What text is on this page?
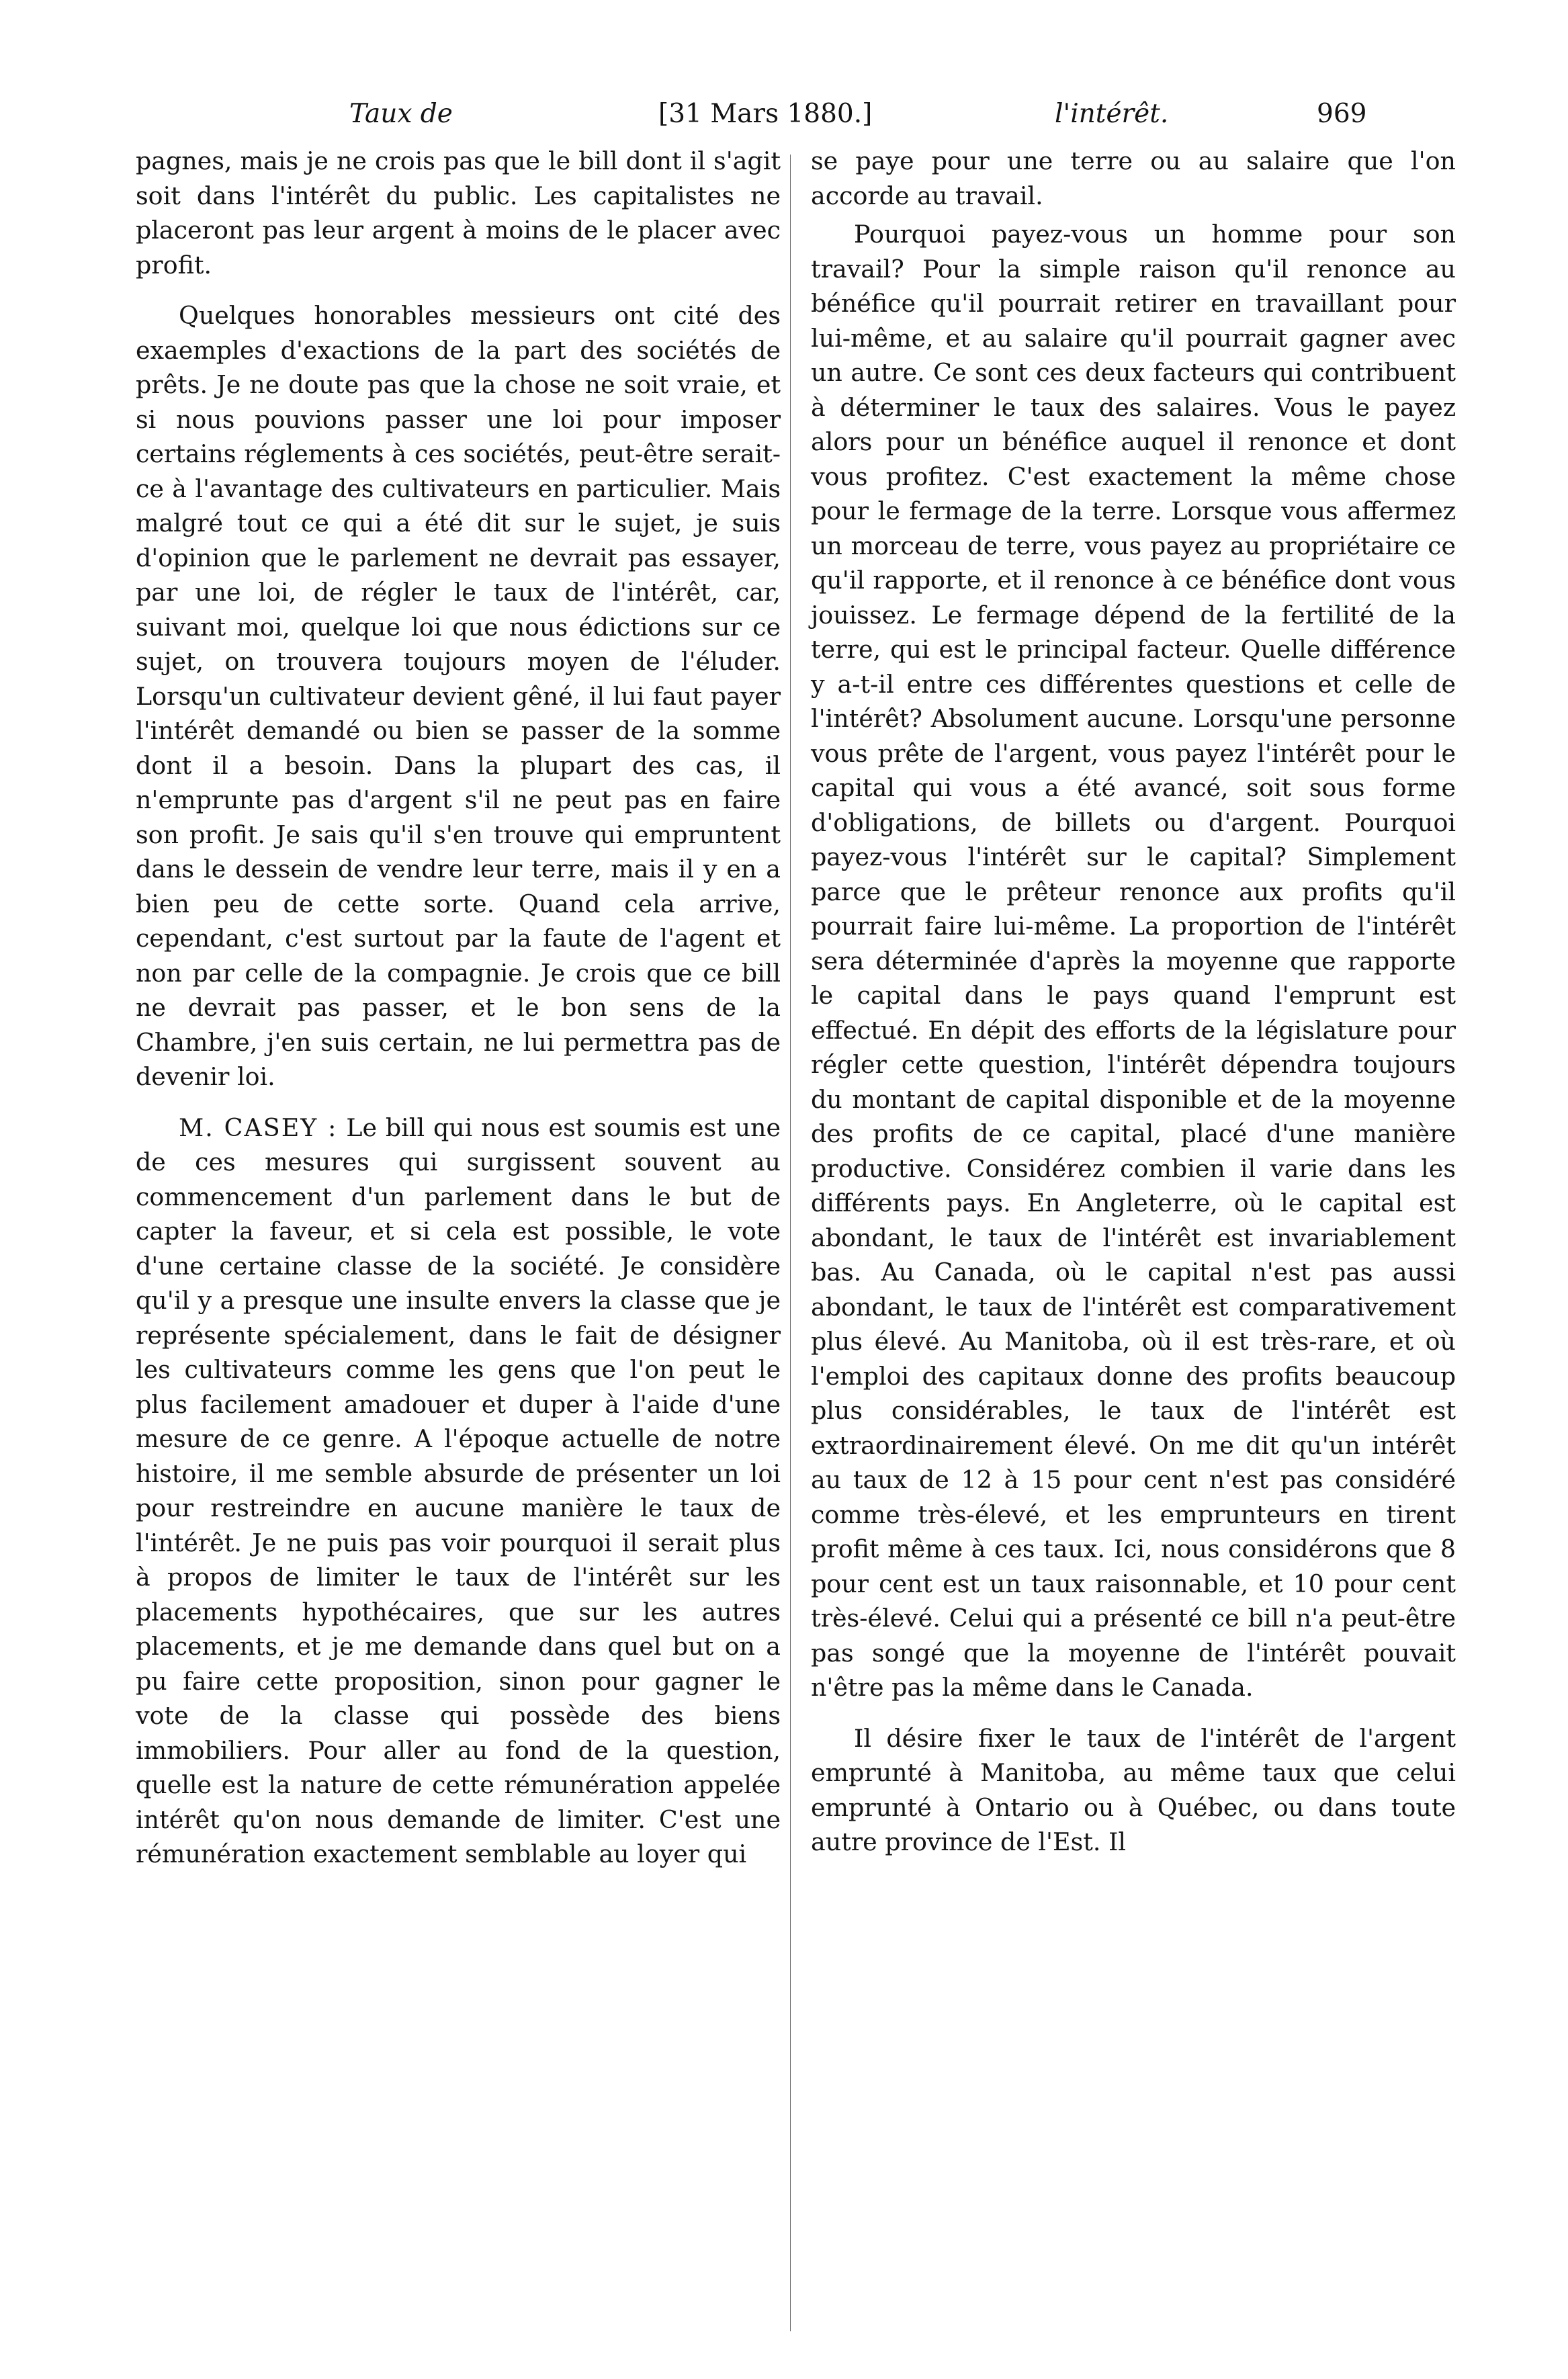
Taux de	[31 Mars 1880.]	l'intérêt.	969

pagnes, mais je ne crois pas que le bill dont il s'agit soit dans l'intérêt du public. Les capitalistes ne placeront pas leur argent à moins de le placer avec profit.

Quelques honorables messieurs ont cité des exaemples d'exactions de la part des sociétés de prêts. Je ne doute pas que la chose ne soit vraie, et si nous pouvions passer une loi pour imposer certains réglements à ces sociétés, peut-être serait-ce à l'avantage des cultivateurs en particulier. Mais malgré tout ce qui a été dit sur le sujet, je suis d'opinion que le parlement ne devrait pas essayer, par une loi, de régler le taux de l'intérêt, car, suivant moi, quelque loi que nous édictions sur ce sujet, on trouvera toujours moyen de l'éluder. Lorsqu'un cultivateur devient gêné, il lui faut payer l'intérêt demandé ou bien se passer de la somme dont il a besoin. Dans la plupart des cas, il n'emprunte pas d'argent s'il ne peut pas en faire son profit. Je sais qu'il s'en trouve qui empruntent dans le dessein de vendre leur terre, mais il y en a bien peu de cette sorte. Quand cela arrive, cependant, c'est surtout par la faute de l'agent et non par celle de la compagnie. Je crois que ce bill ne devrait pas passer, et le bon sens de la Chambre, j'en suis certain, ne lui permettra pas de devenir loi.

M. CASEY : Le bill qui nous est soumis est une de ces mesures qui surgissent souvent au commencement d'un parlement dans le but de capter la faveur, et si cela est possible, le vote d'une certaine classe de la société. Je considère qu'il y a presque une insulte envers la classe que je représente spécialement, dans le fait de désigner les cultivateurs comme les gens que l'on peut le plus facilement amadouer et duper à l'aide d'une mesure de ce genre. A l'époque actuelle de notre histoire, il me semble absurde de présenter un loi pour restreindre en aucune manière le taux de l'intérêt. Je ne puis pas voir pourquoi il serait plus à propos de limiter le taux de l'intérêt sur les placements hypothécaires, que sur les autres placements, et je me demande dans quel but on a pu faire cette proposition, sinon pour gagner le vote de la classe qui possède des biens immobiliers. Pour aller au fond de la question, quelle est la nature de cette rémunération appelée intérêt qu'on nous demande de limiter. C'est une rémunération exactement semblable au loyer qui

se paye pour une terre ou au salaire que l'on accorde au travail.

Pourquoi payez-vous un homme pour son travail? Pour la simple raison qu'il renonce au bénéfice qu'il pourrait retirer en travaillant pour lui-même, et au salaire qu'il pourrait gagner avec un autre. Ce sont ces deux facteurs qui contribuent à déterminer le taux des salaires. Vous le payez alors pour un bénéfice auquel il renonce et dont vous profitez. C'est exactement la même chose pour le fermage de la terre. Lorsque vous affermez un morceau de terre, vous payez au propriétaire ce qu'il rapporte, et il renonce à ce bénéfice dont vous jouissez. Le fermage dépend de la fertilité de la terre, qui est le principal facteur. Quelle différence y a-t-il entre ces différentes questions et celle de l'intérêt? Absolument aucune. Lorsqu'une personne vous prête de l'argent, vous payez l'intérêt pour le capital qui vous a été avancé, soit sous forme d'obligations, de billets ou d'argent. Pourquoi payez-vous l'intérêt sur le capital? Simplement parce que le prêteur renonce aux profits qu'il pourrait faire lui-même. La proportion de l'intérêt sera déterminée d'après la moyenne que rapporte le capital dans le pays quand l'emprunt est effectué. En dépit des efforts de la législature pour régler cette question, l'intérêt dépendra toujours du montant de capital disponible et de la moyenne des profits de ce capital, placé d'une manière productive. Considérez combien il varie dans les différents pays. En Angleterre, où le capital est abondant, le taux de l'intérêt est invariablement bas. Au Canada, où le capital n'est pas aussi abondant, le taux de l'intérêt est comparativement plus élevé. Au Manitoba, où il est très-rare, et où l'emploi des capitaux donne des profits beaucoup plus considérables, le taux de l'intérêt est extraordinairement élevé. On me dit qu'un intérêt au taux de 12 à 15 pour cent n'est pas considéré comme très-élevé, et les emprunteurs en tirent profit même à ces taux. Ici, nous considérons que 8 pour cent est un taux raisonnable, et 10 pour cent très-élevé. Celui qui a présenté ce bill n'a peut-être pas songé que la moyenne de l'intérêt pouvait n'être pas la même dans le Canada.

Il désire fixer le taux de l'intérêt de l'argent emprunté à Manitoba, au même taux que celui emprunté à Ontario ou à Québec, ou dans toute autre province de l'Est. Il
